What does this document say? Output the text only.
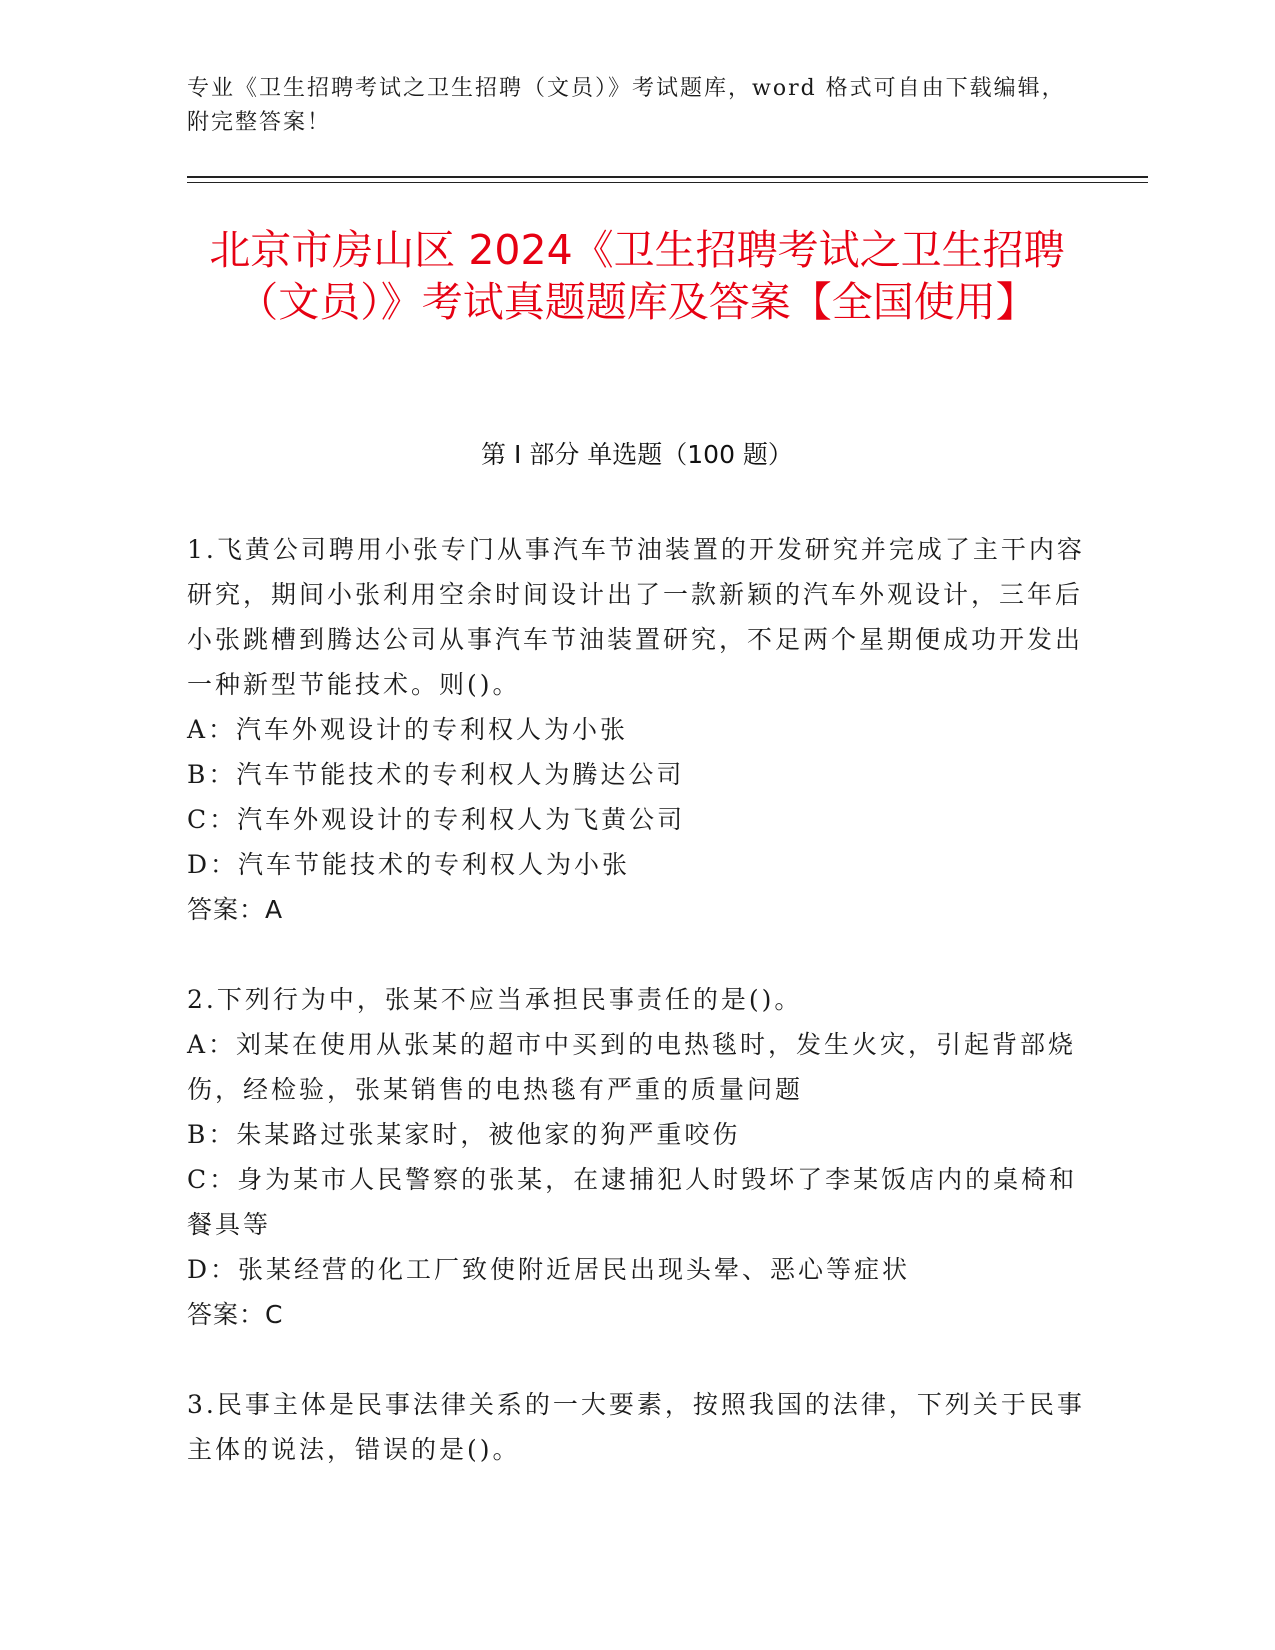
专业《卫生招聘考试之卫生招聘（文员）》考试题库，word 格式可自由下载编辑，附完整答案！
北京市房山区 2024《卫生招聘考试之卫生招聘（文员）》考试真题题库及答案【全国使用】
第 I 部分 单选题（100 题）

1.飞黄公司聘用小张专门从事汽车节油装置的开发研究并完成了主干内容研究，期间小张利用空余时间设计出了一款新颖的汽车外观设计，三年后小张跳槽到腾达公司从事汽车节油装置研究，不足两个星期便成功开发出一种新型节能技术。则()。

A：汽车外观设计的专利权人为小张

B：汽车节能技术的专利权人为腾达公司

C：汽车外观设计的专利权人为飞黄公司

D：汽车节能技术的专利权人为小张

答案：A

2.下列行为中，张某不应当承担民事责任的是()。

A：刘某在使用从张某的超市中买到的电热毯时，发生火灾，引起背部烧伤，经检验，张某销售的电热毯有严重的质量问题

B：朱某路过张某家时，被他家的狗严重咬伤

C：身为某市人民警察的张某，在逮捕犯人时毁坏了李某饭店内的桌椅和餐具等

D：张某经营的化工厂致使附近居民出现头晕、恶心等症状

答案：C

3.民事主体是民事法律关系的一大要素，按照我国的法律，下列关于民事主体的说法，错误的是()。
